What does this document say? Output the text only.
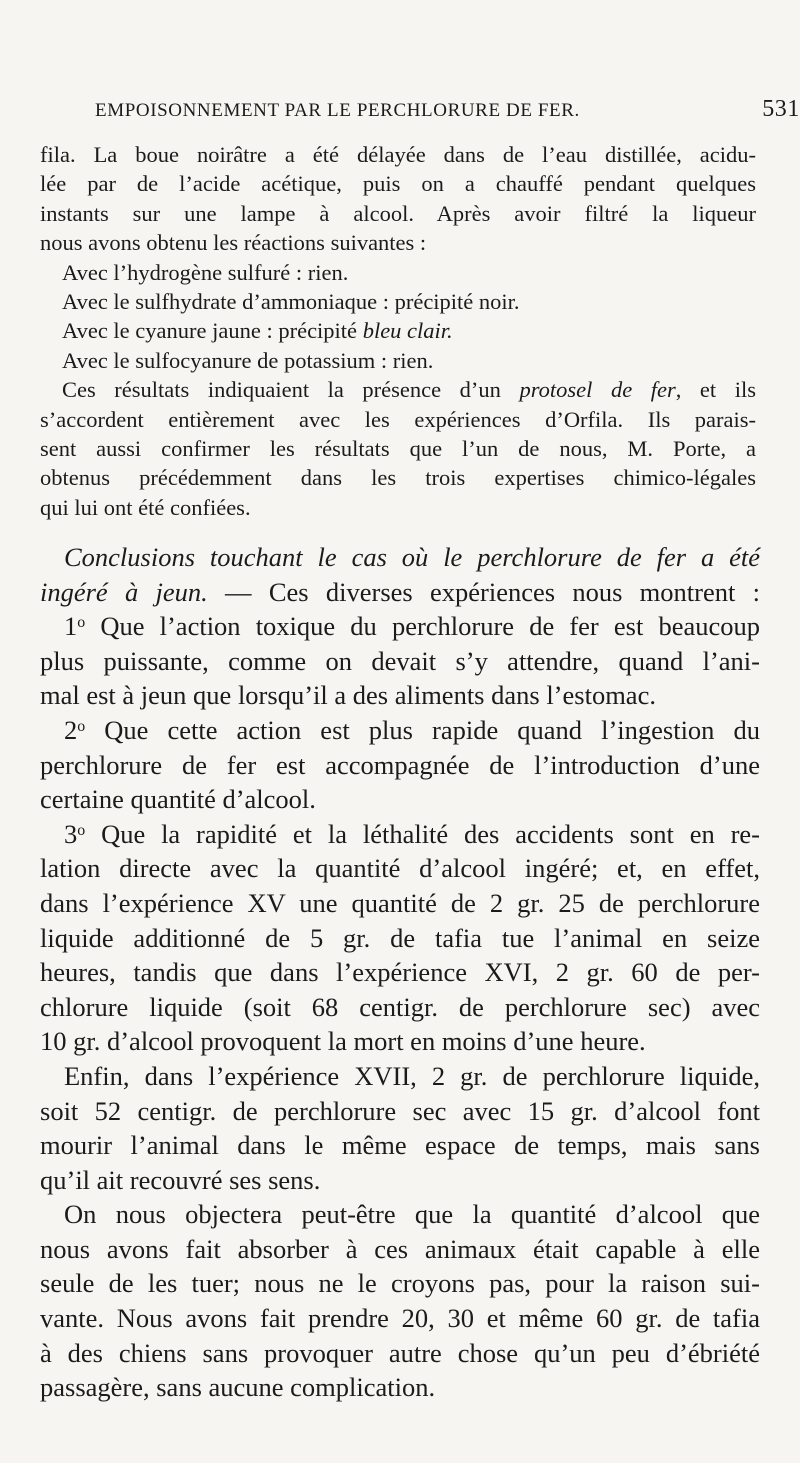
EMPOISONNEMENT PAR LE PERCHLORURE DE FER.	531
fila. La boue noirâtre a été délayée dans de l’eau distillée, acidu-
lée par de l’acide acétique, puis on a chauffé pendant quelques
instants sur une lampe à alcool. Après avoir filtré la liqueur
nous avons obtenu les réactions suivantes :
Avec l’hydrogène sulfuré : rien.
Avec le sulfhydrate d’ammoniaque : précipité noir.
Avec le cyanure jaune : précipité bleu clair.
Avec le sulfocyanure de potassium : rien.
Ces résultats indiquaient la présence d’un protosel de fer, et ils
s’accordent entièrement avec les expériences d’Orfila. Ils parais-
sent aussi confirmer les résultats que l’un de nous, M. Porte, a
obtenus précédemment dans les trois expertises chimico-légales
qui lui ont été confiées.
Conclusions touchant le cas où le perchlorure de fer a été
ingéré à jeun. — Ces diverses expériences nous montrent :
1$^o$ Que l’action toxique du perchlorure de fer est beaucoup
plus puissante, comme on devait s’y attendre, quand l’ani-
mal est à jeun que lorsqu’il a des aliments dans l’estomac.
2$^o$ Que cette action est plus rapide quand l’ingestion du
perchlorure de fer est accompagnée de l’introduction d’une
certaine quantité d’alcool.
3$^o$ Que la rapidité et la léthalité des accidents sont en re-
lation directe avec la quantité d’alcool ingéré; et, en effet,
dans l’expérience XV une quantité de 2 gr. 25 de perchlorure
liquide additionné de 5 gr. de tafia tue l’animal en seize
heures, tandis que dans l’expérience XVI, 2 gr. 60 de per-
chlorure liquide (soit 68 centigr. de perchlorure sec) avec
10 gr. d’alcool provoquent la mort en moins d’une heure.
Enfin, dans l’expérience XVII, 2 gr. de perchlorure liquide,
soit 52 centigr. de perchlorure sec avec 15 gr. d’alcool font
mourir l’animal dans le même espace de temps, mais sans
qu’il ait recouvré ses sens.
On nous objectera peut-être que la quantité d’alcool que
nous avons fait absorber à ces animaux était capable à elle
seule de les tuer; nous ne le croyons pas, pour la raison sui-
vante. Nous avons fait prendre 20, 30 et même 60 gr. de tafia
à des chiens sans provoquer autre chose qu’un peu d’ébriété
passagère, sans aucune complication.
